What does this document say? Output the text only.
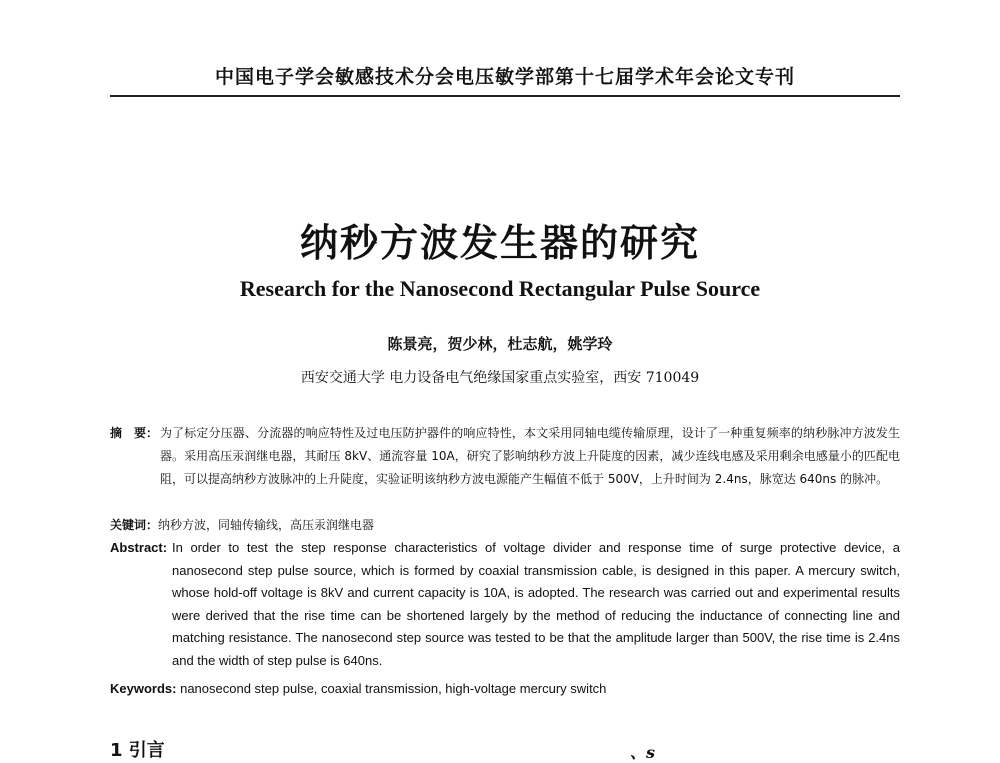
中国电子学会敏感技术分会电压敏学部第十七届学术年会论文专刊
纳秒方波发生器的研究
Research for the Nanosecond Rectangular Pulse Source
陈景亮，贺少林，杜志航，姚学玲
西安交通大学 电力设备电气绝缘国家重点实验室，西安 710049
摘　要： 为了标定分压器、分流器的响应特性及过电压防护器件的响应特性，本文采用同轴电缆传输原理，设计了一种重复频率的纳秒脉冲方波发生器。采用高压汞润继电器，其耐压 8kV、通流容量 10A，研究了影响纳秒方波上升陡度的因素，减少连线电感及采用剩余电感量小的匹配电阻，可以提高纳秒方波脉冲的上升陡度，实验证明该纳秒方波电源能产生幅值不低于 500V，上升时间为 2.4ns，脉宽达 640ns 的脉冲。
关键词：纳秒方波，同轴传输线，高压汞润继电器
Abstract: In order to test the step response characteristics of voltage divider and response time of surge protective device, a nanosecond step pulse source, which is formed by coaxial transmission cable, is designed in this paper. A mercury switch, whose hold-off voltage is 8kV and current capacity is 10A, is adopted. The research was carried out and experimental results were derived that the rise time can be shortened largely by the method of reducing the inductance of connecting line and matching resistance. The nanosecond step source was tested to be that the amplitude larger than 500V, the rise time is 2.4ns and the width of step pulse is 640ns.
Keywords: nanosecond step pulse, coaxial transmission, high-voltage mercury switch
1 引言	、s
